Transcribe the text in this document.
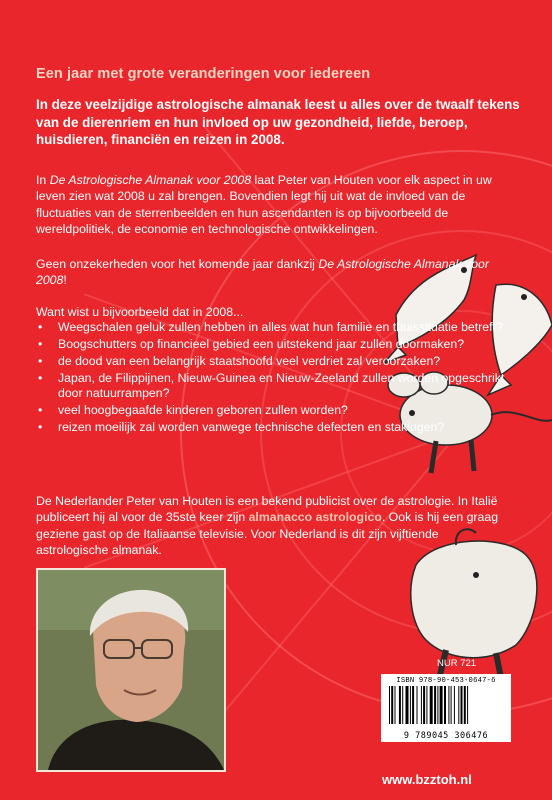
Een jaar met grote veranderingen voor iedereen

In deze veelzijdige astrologische almanak leest u alles over de twaalf tekens van de dierenriem en hun invloed op uw gezondheid, liefde, beroep, huisdieren, financiën en reizen in 2008.

In De Astrologische Almanak voor 2008 laat Peter van Houten voor elk aspect in uw leven zien wat 2008 u zal brengen. Bovendien legt hij uit wat de invloed van de fluctuaties van de sterrenbeelden en hun ascendanten is op bijvoorbeeld de wereldpolitiek, de economie en technologische ontwikkelingen.

Geen onzekerheden voor het komende jaar dankzij De Astrologische Almanak voor 2008!

Want wist u bijvoorbeeld dat in 2008...

• Weegschalen geluk zullen hebben in alles wat hun familie en thuissituatie betreft?
• Boogschutters op financieel gebied een uitstekend jaar zullen doormaken?
• de dood van een belangrijk staatshoofd veel verdriet zal veroorzaken?
• Japan, de Filippijnen, Nieuw-Guinea en Nieuw-Zeeland zullen worden opgeschrikt door natuurrampen?
• veel hoogbegaafde kinderen geboren zullen worden?
• reizen moeilijk zal worden vanwege technische defecten en stakingen?

De Nederlander Peter van Houten is een bekend publicist over de astrologie. In Italië publiceert hij al voor de 35ste keer zijn almanacco astrologico. Ook is hij een graag geziene gast op de Italiaanse televisie. Voor Nederland is dit zijn vijftiende astrologische almanak.

NUR 721
ISBN 978-90-453-0647-6
9 789045 306476
www.bzztoh.nl
